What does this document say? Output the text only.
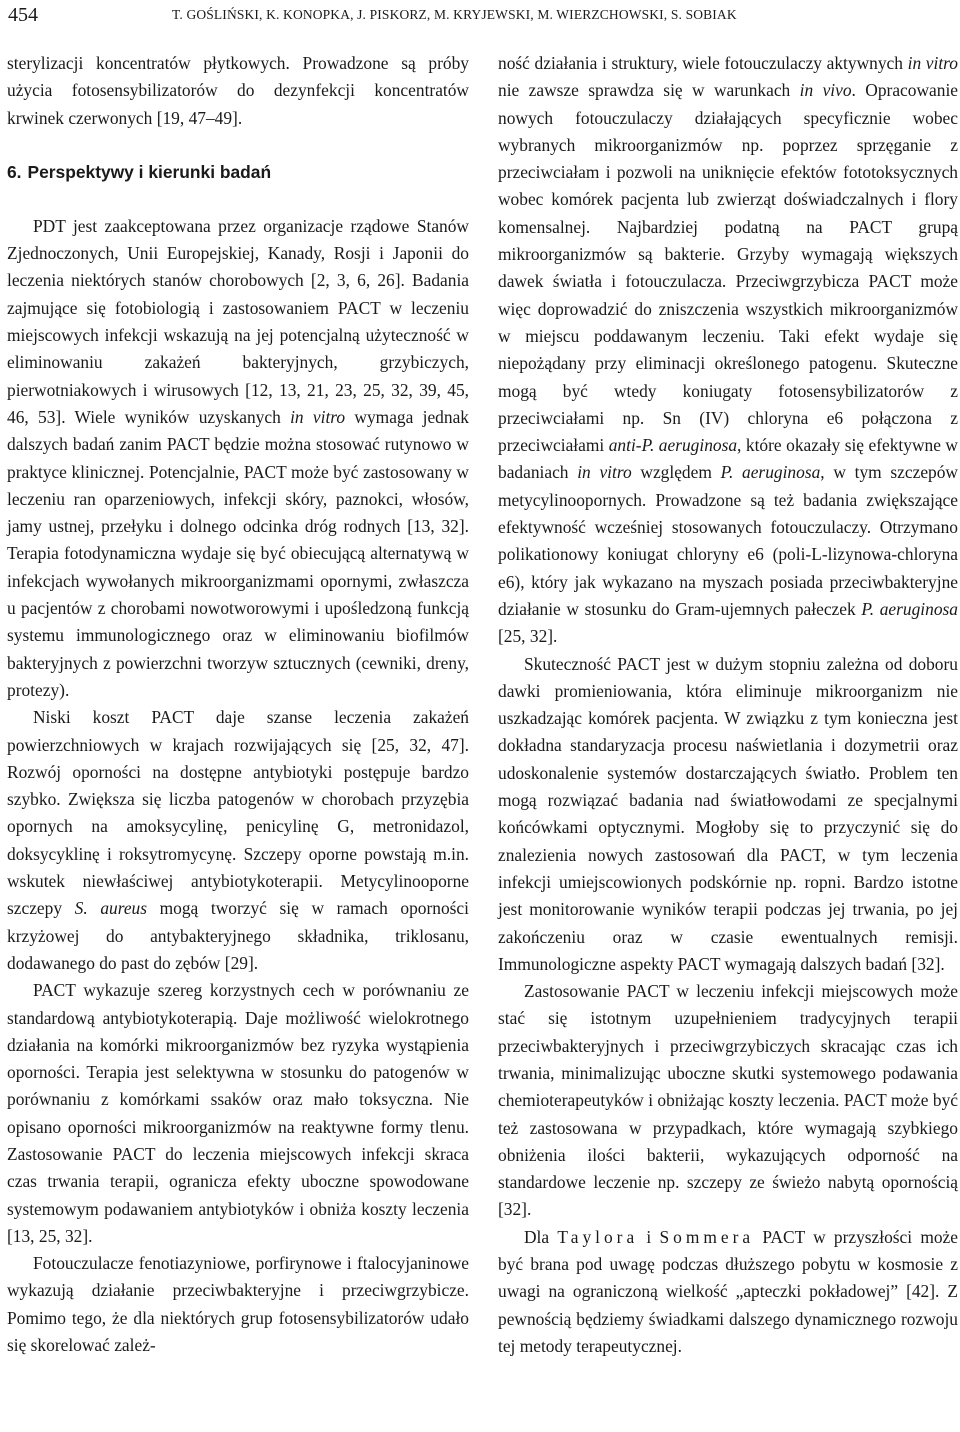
454	T. GOŚLIŃSKI, K. KONOPKA, J. PISKORZ, M. KRYJEWSKI, M. WIERZCHOWSKI, S. SOBIAK

sterylizacji koncentratów płytkowych. Prowadzone są próby użycia fotosensybilizatorów do dezynfekcji koncentratów krwinek czerwonych [19, 47–49].

6. Perspektywy i kierunki badań

PDT jest zaakceptowana przez organizacje rządowe Stanów Zjednoczonych, Unii Europejskiej, Kanady, Rosji i Japonii do leczenia niektórych stanów chorobowych [2, 3, 6, 26]. Badania zajmujące się fotobiologią i zastosowaniem PACT w leczeniu miejscowych infekcji wskazują na jej potencjalną użyteczność w eliminowaniu zakażeń bakteryjnych, grzybiczych, pierwotniakowych i wirusowych [12, 13, 21, 23, 25, 32, 39, 45, 46, 53]. Wiele wyników uzyskanych in vitro wymaga jednak dalszych badań zanim PACT będzie można stosować rutynowo w praktyce klinicznej. Potencjalnie, PACT może być zastosowany w leczeniu ran oparzeniowych, infekcji skóry, paznokci, włosów, jamy ustnej, przełyku i dolnego odcinka dróg rodnych [13, 32]. Terapia fotodynamiczna wydaje się być obiecującą alternatywą w infekcjach wywołanych mikroorganizmami opornymi, zwłaszcza u pacjentów z chorobami nowotworowymi i upośledzoną funkcją systemu immunologicznego oraz w eliminowaniu biofilmów bakteryjnych z powierzchni tworzyw sztucznych (cewniki, dreny, protezy).

Niski koszt PACT daje szanse leczenia zakażeń powierzchniowych w krajach rozwijających się [25, 32, 47]. Rozwój oporności na dostępne antybiotyki postępuje bardzo szybko. Zwiększa się liczba patogenów w chorobach przyzębia opornych na amoksycylinę, penicylinę G, metronidazol, doksycyklinę i roksytromycynę. Szczepy oporne powstają m.in. wskutek niewłaściwej antybiotykoterapii. Metycylinooporne szczepy S. aureus mogą tworzyć się w ramach oporności krzyżowej do antybakteryjnego składnika, triklosanu, dodawanego do past do zębów [29].

PACT wykazuje szereg korzystnych cech w porównaniu ze standardową antybiotykoterapią. Daje możliwość wielokrotnego działania na komórki mikroorganizmów bez ryzyka wystąpienia oporności. Terapia jest selektywna w stosunku do patogenów w porównaniu z komórkami ssaków oraz mało toksyczna. Nie opisano oporności mikroorganizmów na reaktywne formy tlenu. Zastosowanie PACT do leczenia miejscowych infekcji skraca czas trwania terapii, ogranicza efekty uboczne spowodowane systemowym podawaniem antybiotyków i obniża koszty leczenia [13, 25, 32].

Fotouczulacze fenotiazyniowe, porfirynowe i ftalocyjaninowe wykazują działanie przeciwbakteryjne i przeciwgrzybicze. Pomimo tego, że dla niektórych grup fotosensybilizatorów udało się skorelować zależ-

ność działania i struktury, wiele fotouczulaczy aktywnych in vitro nie zawsze sprawdza się w warunkach in vivo. Opracowanie nowych fotouczulaczy działających specyficznie wobec wybranych mikroorganizmów np. poprzez sprzęganie z przeciwciałam i pozwoli na uniknięcie efektów fototoksycznych wobec komórek pacjenta lub zwierząt doświadczalnych i flory komensalnej. Najbardziej podatną na PACT grupą mikroorganizmów są bakterie. Grzyby wymagają większych dawek światła i fotouczulacza. Przeciwgrzybicza PACT może więc doprowadzić do zniszczenia wszystkich mikroorganizmów w miejscu poddawanym leczeniu. Taki efekt wydaje się niepożądany przy eliminacji określonego patogenu. Skuteczne mogą być wtedy koniugaty fotosensybilizatorów z przeciwciałami np. Sn (IV) chloryna e6 połączona z przeciwciałami anti-P. aeruginosa, które okazały się efektywne w badaniach in vitro względem P. aeruginosa, w tym szczepów metycylinoopornych. Prowadzone są też badania zwiększające efektywność wcześniej stosowanych fotouczulaczy. Otrzymano polikationowy koniugat chloryny e6 (poli-L-lizynowa-chloryna e6), który jak wykazano na myszach posiada przeciwbakteryjne działanie w stosunku do Gram-ujemnych pałeczek P. aeruginosa [25, 32].

Skuteczność PACT jest w dużym stopniu zależna od doboru dawki promieniowania, która eliminuje mikroorganizm nie uszkadzając komórek pacjenta. W związku z tym konieczna jest dokładna standaryzacja procesu naświetlania i dozymetrii oraz udoskonalenie systemów dostarczających światło. Problem ten mogą rozwiązać badania nad światłowodami ze specjalnymi końcówkami optycznymi. Mogłoby się to przyczynić się do znalezienia nowych zastosowań dla PACT, w tym leczenia infekcji umiejscowionych podskórnie np. ropni. Bardzo istotne jest monitorowanie wyników terapii podczas jej trwania, po jej zakończeniu oraz w czasie ewentualnych remisji. Immunologiczne aspekty PACT wymagają dalszych badań [32].

Zastosowanie PACT w leczeniu infekcji miejscowych może stać się istotnym uzupełnieniem tradycyjnych terapii przeciwbakteryjnych i przeciwgrzybiczych skracając czas ich trwania, minimalizując uboczne skutki systemowego podawania chemioterapeutyków i obniżając koszty leczenia. PACT może być też zastosowana w przypadkach, które wymagają szybkiego obniżenia ilości bakterii, wykazujących odporność na standardowe leczenie np. szczepy ze świeżo nabytą opornością [32].

Dla Taylora i Sommera PACT w przyszłości może być brana pod uwagę podczas dłuższego pobytu w kosmosie z uwagi na ograniczoną wielkość „apteczki pokładowej” [42]. Z pewnością będziemy świadkami dalszego dynamicznego rozwoju tej metody terapeutycznej.
